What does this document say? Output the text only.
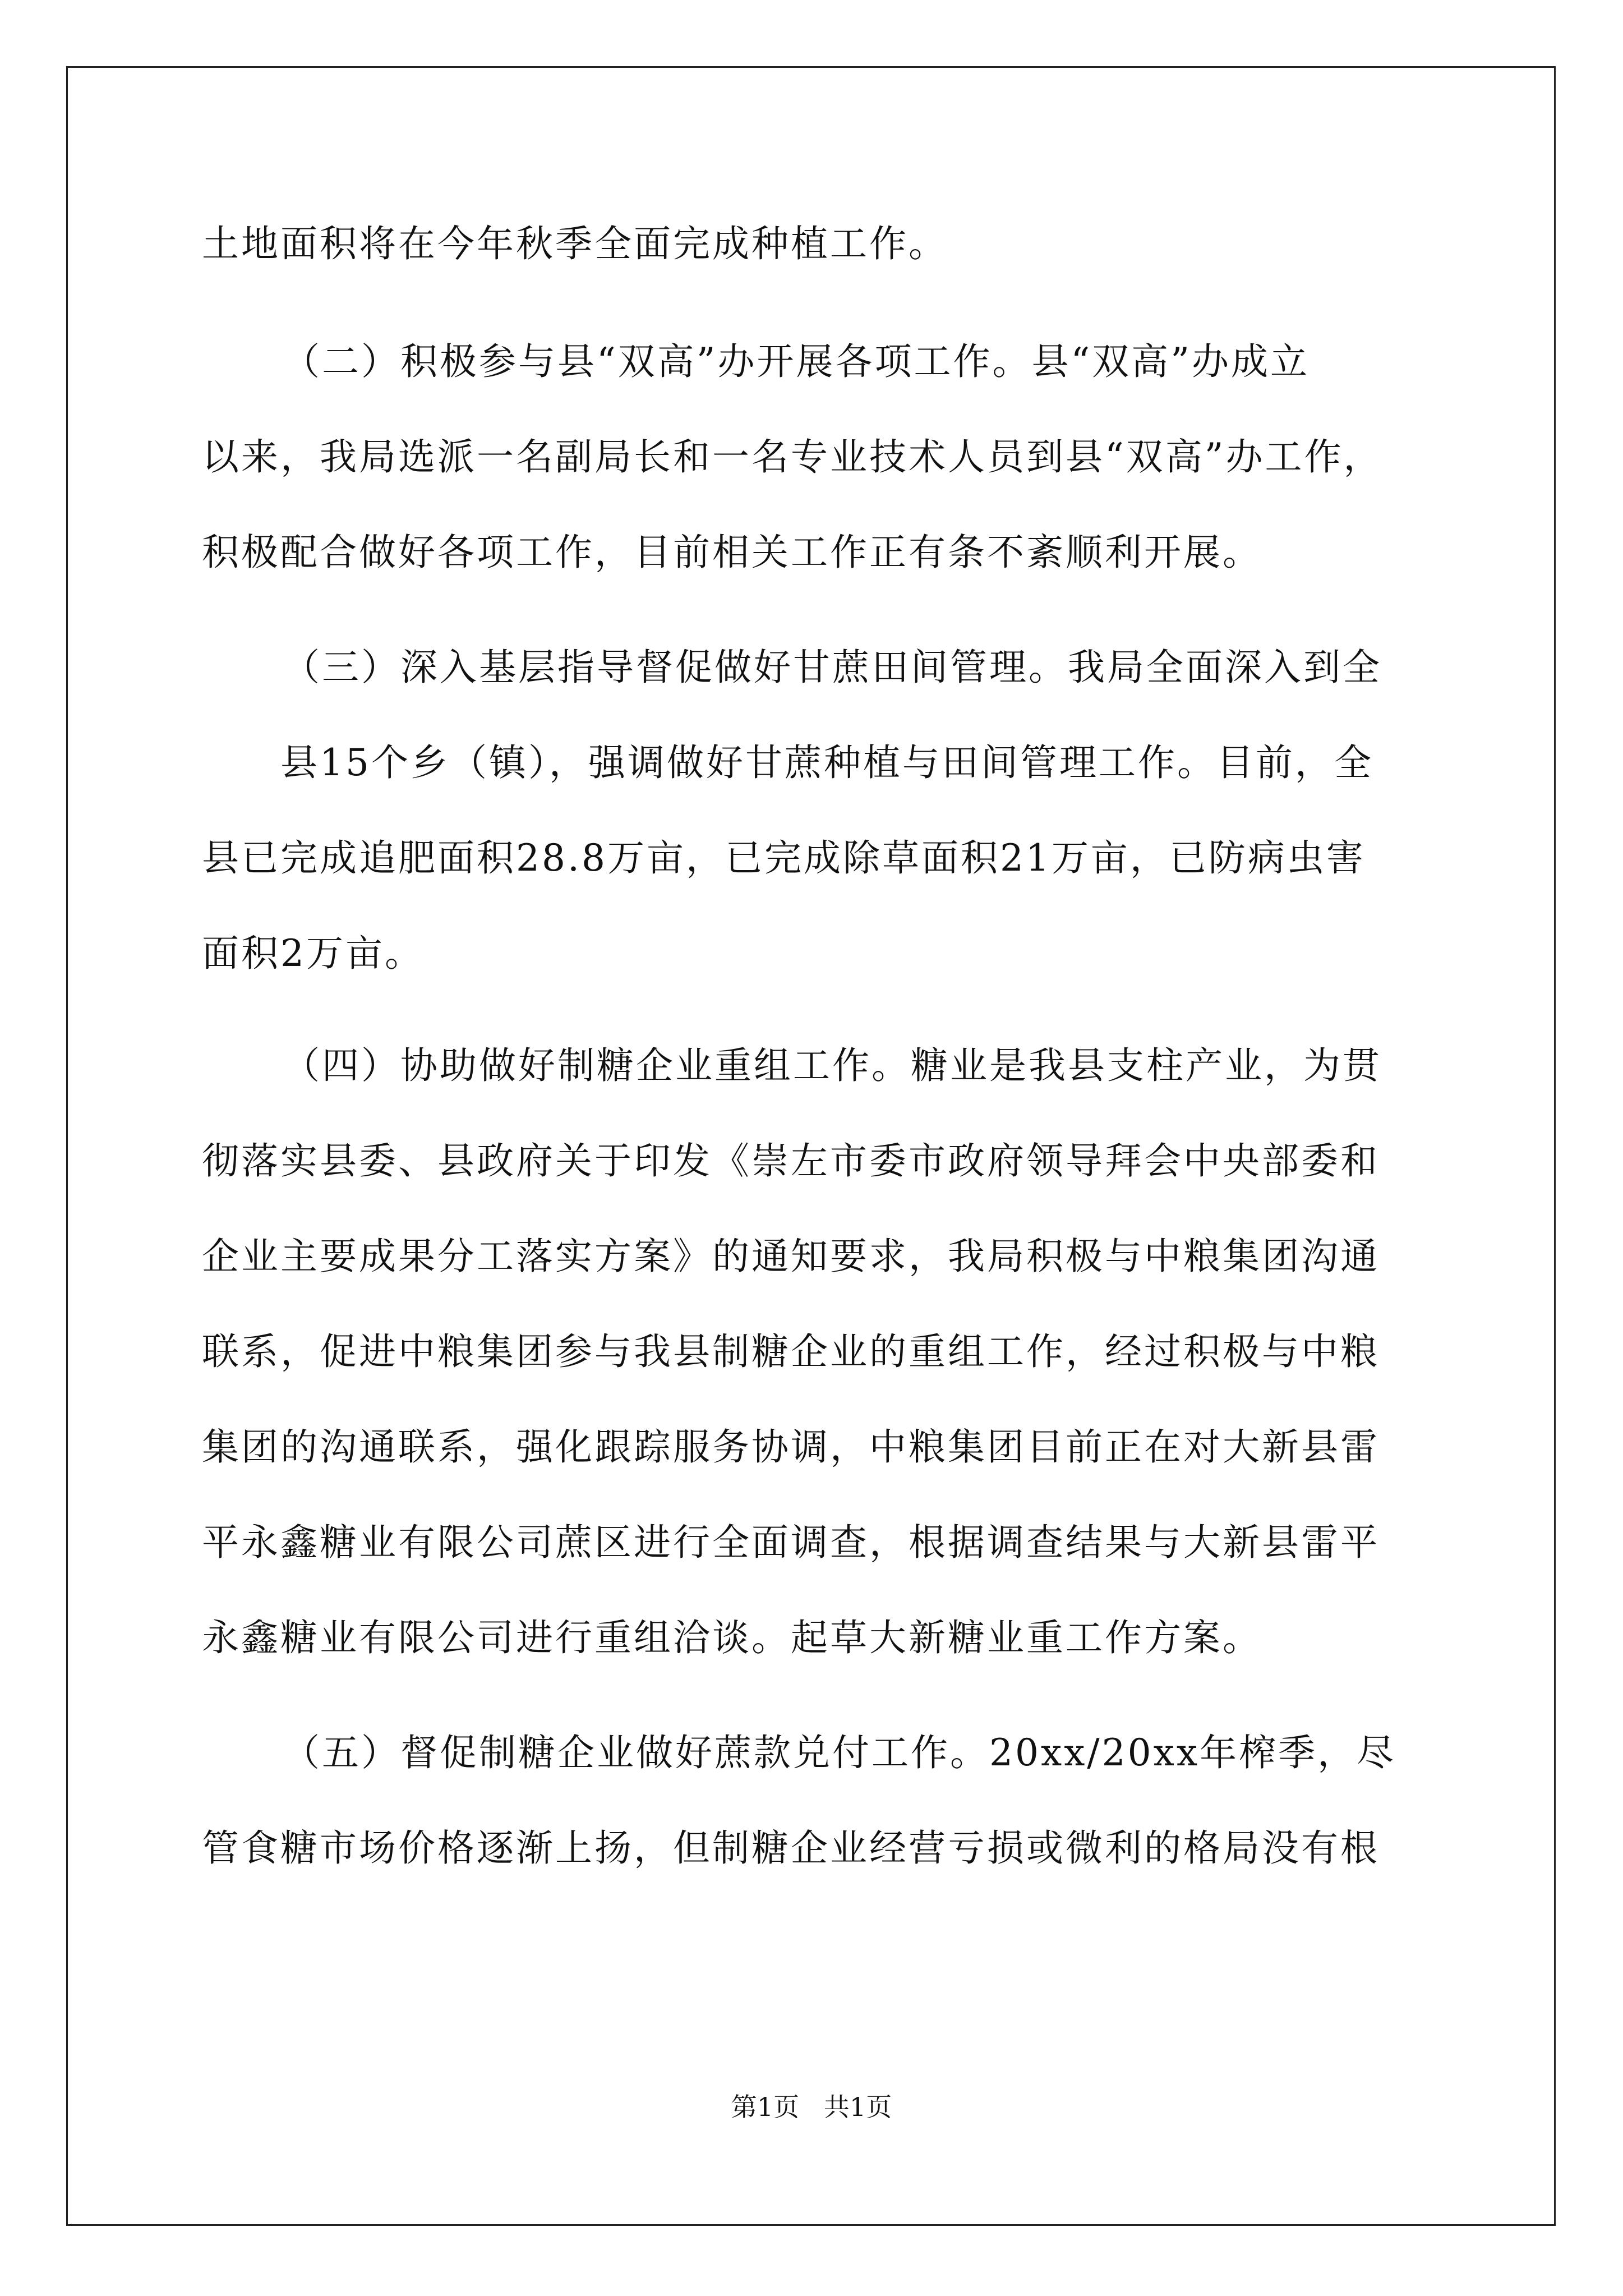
土地面积将在今年秋季全面完成种植工作。
（二）积极参与县“双高”办开展各项工作。县“双高”办成立
以来，我局选派一名副局长和一名专业技术人员到县“双高”办工作，
积极配合做好各项工作，目前相关工作正有条不紊顺利开展。
（三）深入基层指导督促做好甘蔗田间管理。我局全面深入到全
县15个乡（镇），强调做好甘蔗种植与田间管理工作。目前，全
县已完成追肥面积28.8万亩，已完成除草面积21万亩，已防病虫害
面积2万亩。
（四）协助做好制糖企业重组工作。糖业是我县支柱产业，为贯
彻落实县委、县政府关于印发《崇左市委市政府领导拜会中央部委和
企业主要成果分工落实方案》的通知要求，我局积极与中粮集团沟通
联系，促进中粮集团参与我县制糖企业的重组工作，经过积极与中粮
集团的沟通联系，强化跟踪服务协调，中粮集团目前正在对大新县雷
平永鑫糖业有限公司蔗区进行全面调查，根据调查结果与大新县雷平
永鑫糖业有限公司进行重组洽谈。起草大新糖业重工作方案。
（五）督促制糖企业做好蔗款兑付工作。20xx/20xx年榨季，尽
管食糖市场价格逐渐上扬，但制糖企业经营亏损或微利的格局没有根
第1页   共1页
